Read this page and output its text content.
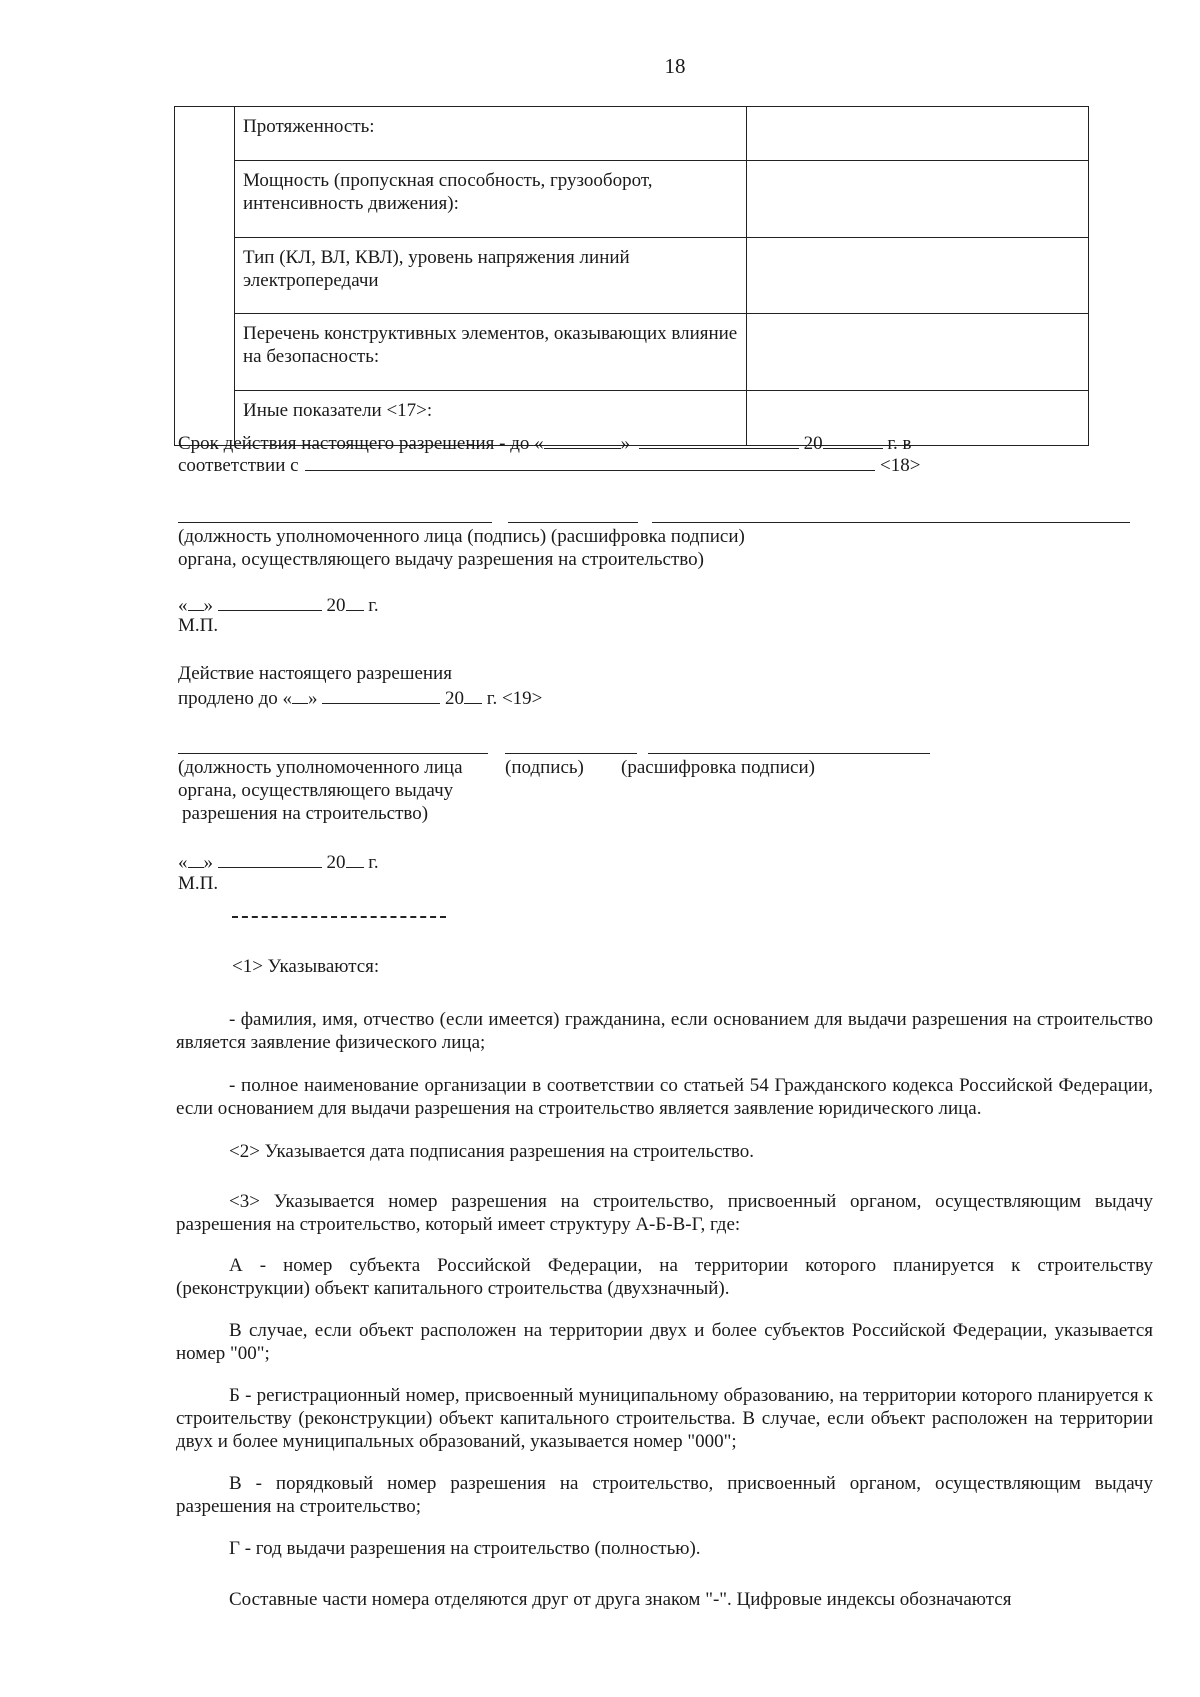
18
	Протяженность:	
	Мощность (пропускная способность, грузооборот, интенсивность движения):	
	Тип (КЛ, ВЛ, КВЛ), уровень напряжения линий электропередачи	
	Перечень конструктивных элементов, оказывающих влияние на безопасность:	
	Иные показатели <17>:	
Срок действия настоящего разрешения - до «	»	20	г. в
соответствии с	<18>
(должность уполномоченного лица (подпись) (расшифровка подписи)
органа, осуществляющего выдачу разрешения на строительство)
« »	20 г.
М.П.
Действие настоящего разрешения
продлено до « »	20 г. <19>
(должность уполномоченного лица (подпись) (расшифровка подписи)
органа, осуществляющего выдачу
разрешения на строительство)
« »	20 г.
М.П.
<1> Указываются:
- фамилия, имя, отчество (если имеется) гражданина, если основанием для выдачи разрешения на строительство является заявление физического лица;
- полное наименование организации в соответствии со статьей 54 Гражданского кодекса Российской Федерации, если основанием для выдачи разрешения на строительство является заявление юридического лица.
<2> Указывается дата подписания разрешения на строительство.
<3> Указывается номер разрешения на строительство, присвоенный органом, осуществляющим выдачу разрешения на строительство, который имеет структуру А-Б-В-Г, где:
А - номер субъекта Российской Федерации, на территории которого планируется к строительству (реконструкции) объект капитального строительства (двухзначный).
В случае, если объект расположен на территории двух и более субъектов Российской Федерации, указывается номер "00";
Б - регистрационный номер, присвоенный муниципальному образованию, на территории которого планируется к строительству (реконструкции) объект капитального строительства. В случае, если объект расположен на территории двух и более муниципальных образований, указывается номер "000";
В - порядковый номер разрешения на строительство, присвоенный органом, осуществляющим выдачу разрешения на строительство;
Г - год выдачи разрешения на строительство (полностью).
Составные части номера отделяются друг от друга знаком "-". Цифровые индексы обозначаются
